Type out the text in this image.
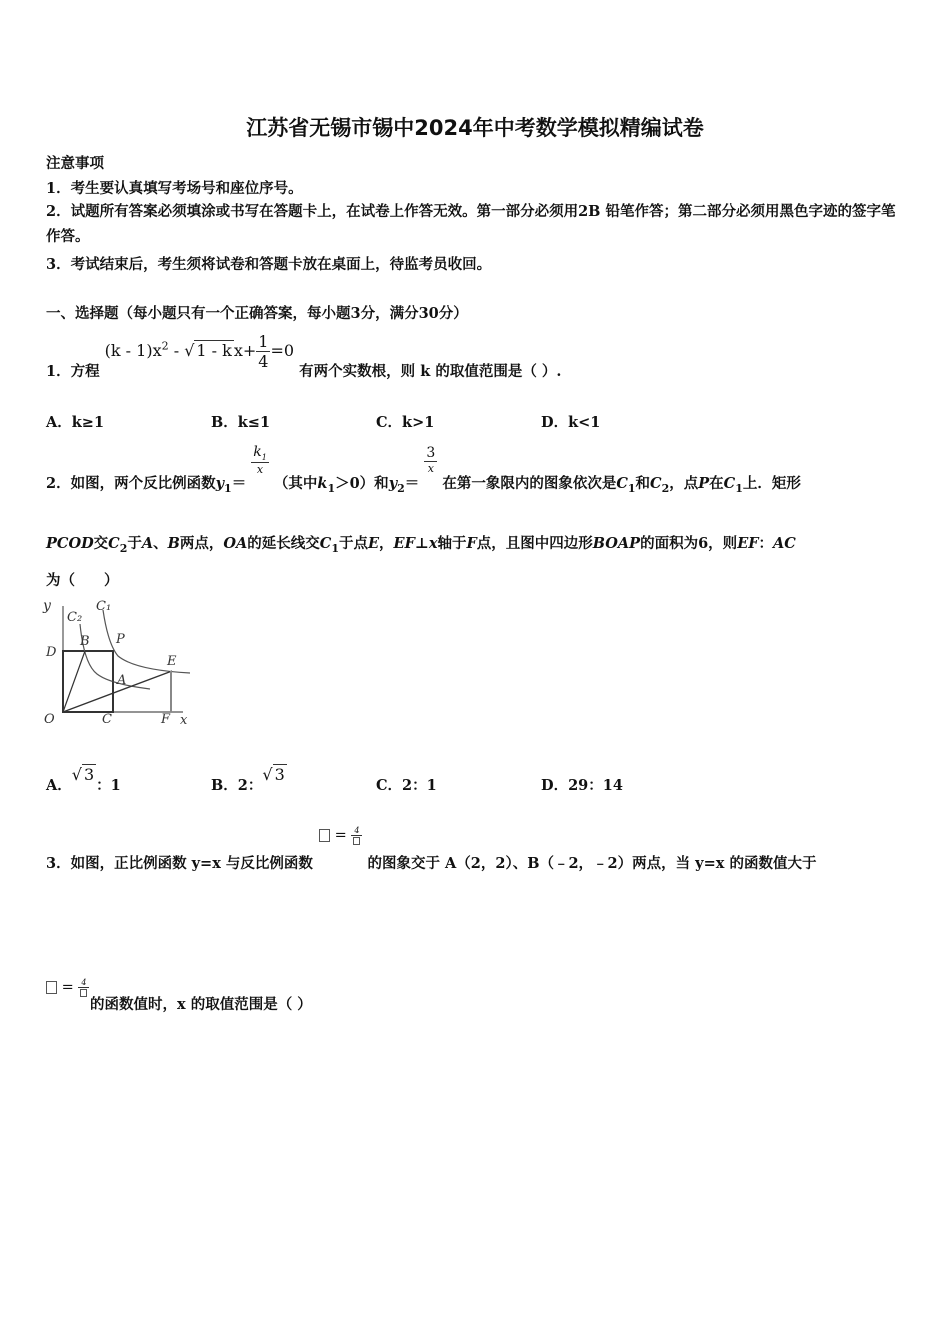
江苏省无锡市锡中2024年中考数学模拟精编试卷
注意事项
1．考生要认真填写考场号和座位序号。
2．试题所有答案必须填涂或书写在答题卡上，在试卷上作答无效。第一部分必须用2B 铅笔作答；第二部分必须用黑色字迹的签字笔作答。
3．考试结束后，考生须将试卷和答题卡放在桌面上，待监考员收回。
一、选择题（每小题只有一个正确答案，每小题3分，满分30分）
1．方程 $(k - 1)x^2$ - √ 1 - k $x+ \frac{1}{4} =0$ 有两个实数根，则 k 的取值范围是（ ）.
A．k≥1	B．k≤1	C．k>1	D．k<1
2．如图，两个反比例函数$y_1=$
$\frac{k_1}{x}$
（其中$k_1>0$）和$y_2=$
$\frac{3}{x}$
在第一象限内的图象依次是$C_1$和$C_2$，点P在$C_1$上．矩形
PCOD交$C_2$于A、B两点，OA的延长线交$C_1$于点E，EF⊥x轴于F点，且图中四边形BOAP的面积为6，则EF：AC
为（　　）
y
C₂
C₁
B P
D
E
A
O	C	F x
A．√ 3：1	B．2：√ 3
C．2：1	D．29：14
3．如图，正比例函数 y=x 与反比例函数   = 4
的图象交于 A（2，2）、B（﹣2，﹣2）两点，当 y=x 的函数值大于
= 4
的函数值时，x 的取值范围是（ ）
